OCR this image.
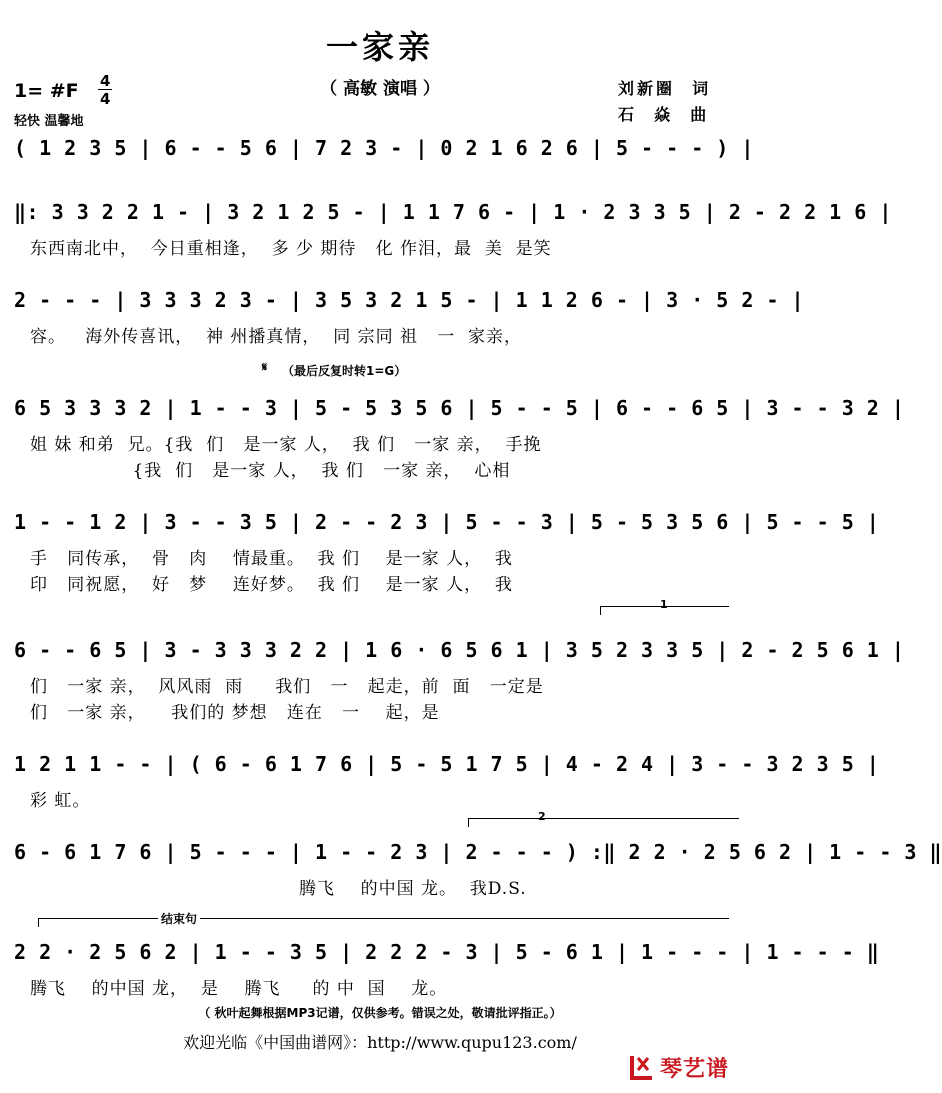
一家亲
（ 高敏 演唱 ）	刘新圈  词
石  焱  曲
1= #F 4
4
轻快 温馨地
( 1 2 3 5 | 6 - - 5 6 | 7 2 3 - | 0 2 1 6 2 6 | 5 - - - ) |
‖: 3 3 2 2 1 - | 3 2 1 2 5 - | 1 1 7 6 - | 1 · 2 3 3 5 | 2 - 2 2 1 6 |
东西南北中，  今日重相逢，  多 少 期待   化 作泪，最  美  是笑
2 - - - | 3 3 3 2 3 - | 3 5 3 2 1 5 - | 1 1 2 6 - | 3 · 5 2 - |
容。   海外传喜讯，  神 州播真情，  同 宗同 祖   一  家亲，
𝄋 （最后反复时转1=G）
6 5 3 3 3 2 | 1 - - 3 | 5 - 5 3 5 6 | 5 - - 5 | 6 - - 6 5 | 3 - - 3 2 |
姐 妹 和弟  兄。{我  们   是一家 人，  我 们   一家 亲，  手挽
{我  们   是一家 人，  我 们   一家 亲，  心相
1 - - 1 2 | 3 - - 3 5 | 2 - - 2 3 | 5 - - 3 | 5 - 5 3 5 6 | 5 - - 5 |
手   同传承，  骨   肉    情最重。  我 们    是一家 人，  我
印   同祝愿，  好   梦    连好梦。  我 们    是一家 人，  我
1
6 - - 6 5 | 3 - 3 3 3 2 2 | 1 6 · 6 5 6 1 | 3 5 2 3 3 5 | 2 - 2 5 6 1 |
们   一家 亲，  风风雨  雨     我们   一   起走，前  面   一定是
们   一家 亲，    我们的 梦想   连在   一    起，是
1 2 1 1 - - | ( 6 - 6 1 7 6 | 5 - 5 1 7 5 | 4 - 2 4 | 3 - - 3 2 3 5 |
彩 虹。
2
6 - 6 1 7 6 | 5 - - - | 1 - - 2 3 | 2 - - - ) :‖ 2 2 · 2 5 6 2 | 1 - - 3 ‖
腾飞    的中国 龙。  我D.S.
结束句
2 2 · 2 5 6 2 | 1 - - 3 5 | 2 2 2 - 3 | 5 - 6 1 | 1 - - - | 1 - - - ‖
腾飞    的中国 龙，  是    腾飞     的 中  国    龙。
（ 秋叶起舞根据MP3记谱，仅供参考。错误之处，敬请批评指正。）
欢迎光临《中国曲谱网》：http://www.qupu123.com/
琴艺谱
